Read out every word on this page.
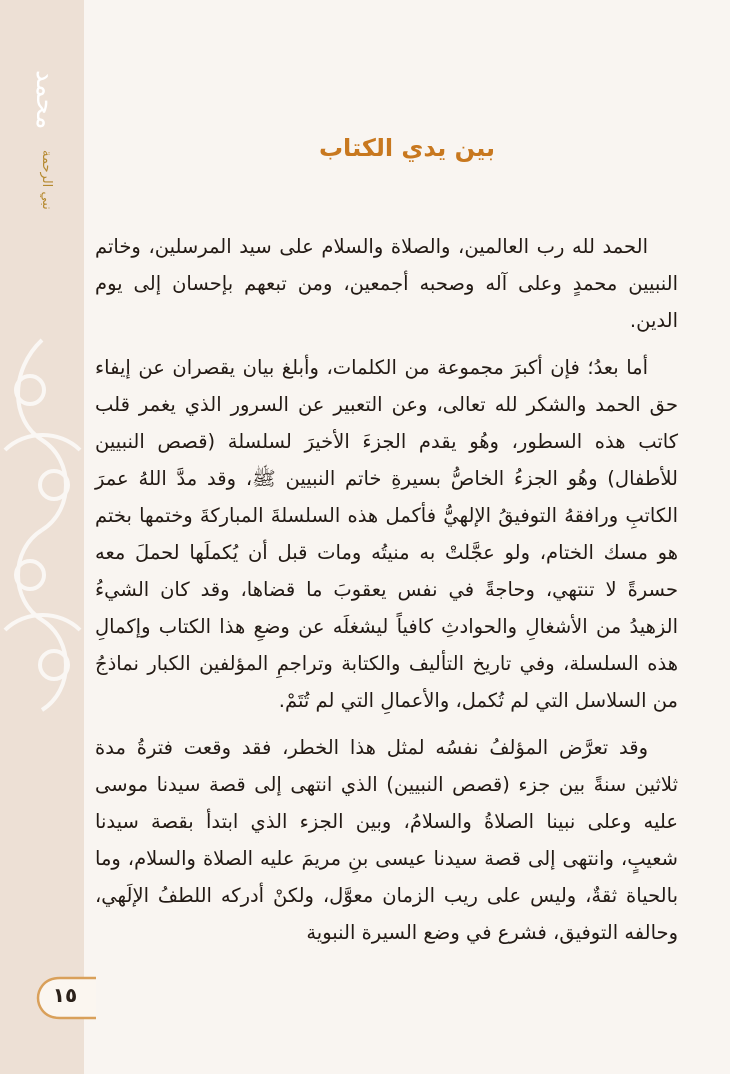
محمد
نبي الرحمة
بين يدي الكتاب

الحمد لله رب العالمين، والصلاة والسلام على سيد المرسلين، وخاتم النبيين محمدٍ وعلى آله وصحبه أجمعين، ومن تبعهم بإحسان إلى يوم الدين.

أما بعدُ؛ فإن أكبرَ مجموعة من الكلمات، وأبلغ بيان يقصران عن إيفاء حق الحمد والشكر لله تعالى، وعن التعبير عن السرور الذي يغمر قلب كاتب هذه السطور، وهُو يقدم الجزءَ الأخيرَ لسلسلة (قصص النبيين للأطفال) وهُو الجزءُ الخاصُّ بسيرةِ خاتم النبيين ﷺ، وقد مدَّ اللهُ عمرَ الكاتبِ ورافقهُ التوفيقُ الإلهيُّ فأكمل هذه السلسلةَ المباركةَ وختمها بختم هو مسك الختام، ولو عجَّلتْ به منيتُه ومات قبل أن يُكملَها لحملَ معه حسرةً لا تنتهي، وحاجةً في نفس يعقوبَ ما قضاها، وقد كان الشيءُ الزهيدُ من الأشغالِ والحوادثِ كافياً ليشغلَه عن وضعِ هذا الكتاب وإكمالِ هذه السلسلة، وفي تاريخ التأليف والكتابة وتراجمِ المؤلفين الكبار نماذجُ من السلاسل التي لم تُكمل، والأعمالِ التي لم تُتَمْ.

وقد تعرَّض المؤلفُ نفسُه لمثل هذا الخطر، فقد وقعت فترةُ مدة ثلاثين سنةً بين جزء (قصص النبيين) الذي انتهى إلى قصة سيدنا موسى عليه وعلى نبينا الصلاةُ والسلامُ، وبين الجزء الذي ابتدأ بقصة سيدنا شعيبٍ، وانتهى إلى قصة سيدنا عيسى بنِ مريمَ عليه الصلاة والسلام، وما بالحياة ثقةٌ، وليس على ريب الزمان معوَّل، ولكنْ أدركه اللطفُ الإلَهي، وحالفه التوفيق، فشرع في وضع السيرة النبوية

١٥
